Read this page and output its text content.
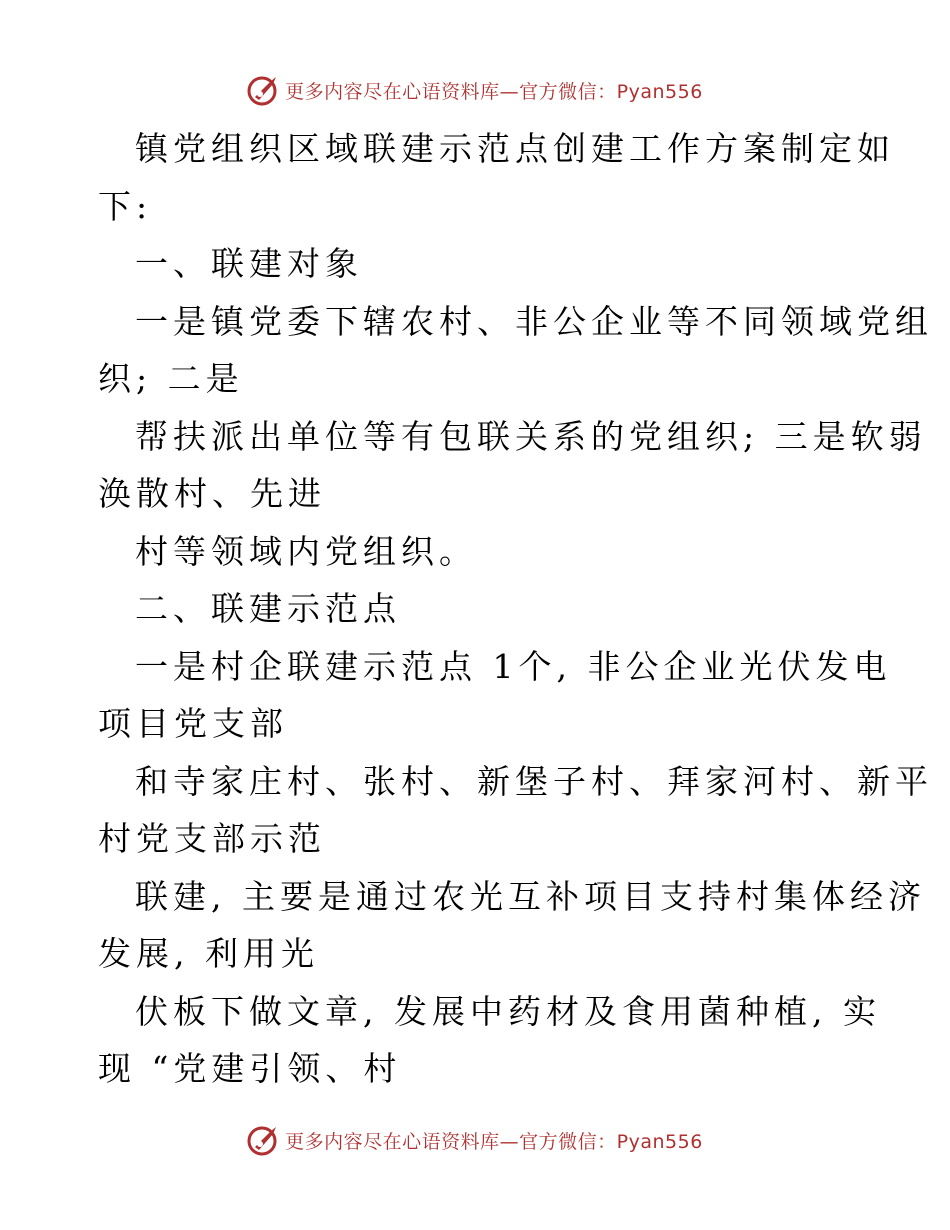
更多内容尽在心语资料库—官方微信：Pyan556
镇党组织区域联建示范点创建工作方案制定如
下:
一、联建对象
一是镇党委下辖农村、非公企业等不同领域党组
织; 二是
帮扶派出单位等有包联关系的党组织; 三是软弱
涣散村、先进
村等领域内党组织。
二、联建示范点
一是村企联建示范点 1个, 非公企业光伏发电
项目党支部
和寺家庄村、张村、新堡子村、拜家河村、新平
村党支部示范
联建, 主要是通过农光互补项目支持村集体经济
发展, 利用光
伏板下做文章, 发展中药材及食用菌种植, 实
现 “党建引领、村
更多内容尽在心语资料库—官方微信：Pyan556
